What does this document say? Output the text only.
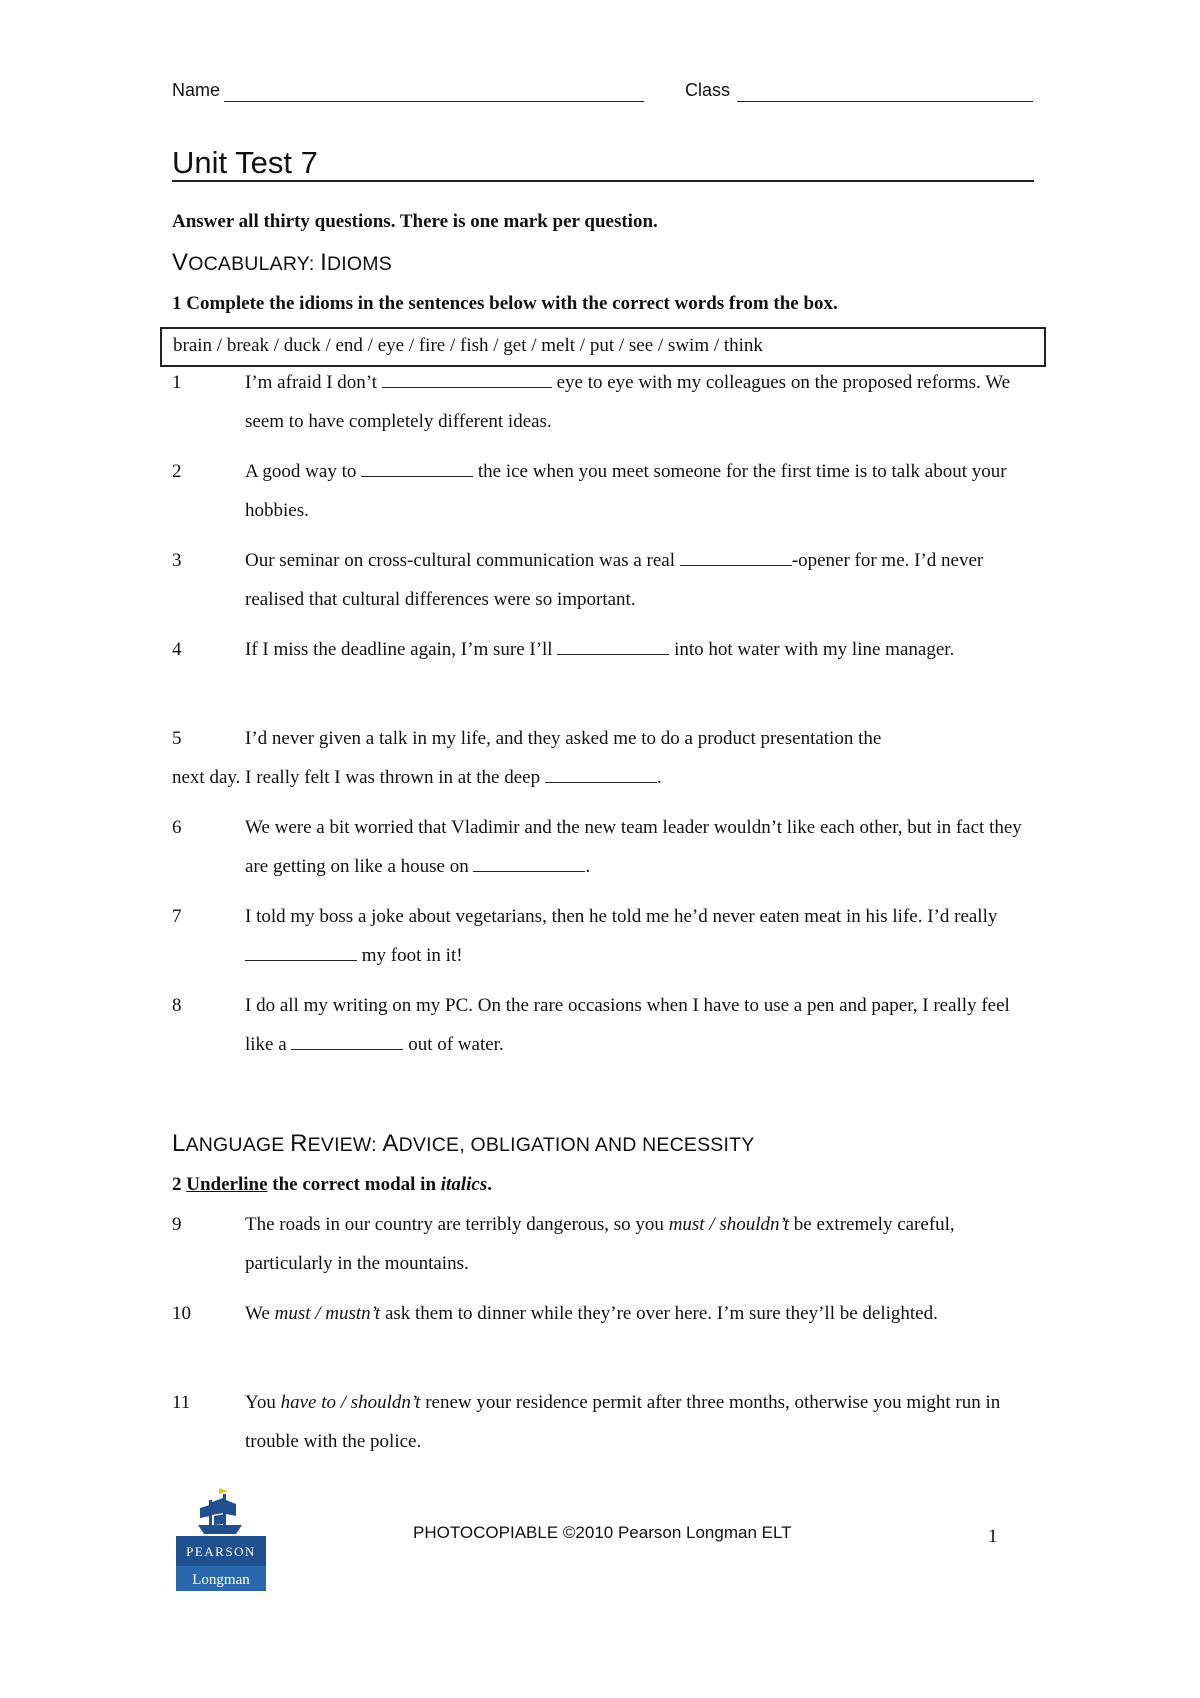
Name	Class
Unit Test 7
Answer all thirty questions. There is one mark per question.
VOCABULARY: IDIOMS
1 Complete the idioms in the sentences below with the correct words from the box.
brain / break / duck / end / eye / fire / fish / get / melt / put / see / swim / think
1	I’m afraid I don’t	eye to eye with my colleagues on the proposed reforms. We seem to have completely different ideas.
2	A good way to	the ice when you meet someone for the first time is to talk about your hobbies.
3	Our seminar on cross-cultural communication was a real	-opener for me. I’d never realised that cultural differences were so important.
4	If I miss the deadline again, I’m sure I’ll	into hot water with my line manager.
5	I’d never given a talk in my life, and they asked me to do a product presentation the
next day. I really felt I was thrown in at the deep	.
6	We were a bit worried that Vladimir and the new team leader wouldn’t like each other, but in fact they are getting on like a house on	.
7	I told my boss a joke about vegetarians, then he told me he’d never eaten meat in his life. I’d really  my foot in it!
8	I do all my writing on my PC. On the rare occasions when I have to use a pen and paper, I really feel like a	out of water.
LANGUAGE REVIEW: ADVICE, OBLIGATION AND NECESSITY
2 Underline the correct modal in italics.
9	The roads in our country are terribly dangerous, so you must / shouldn’t be extremely careful, particularly in the mountains.
10	We must / mustn’t ask them to dinner while they’re over here. I’m sure they’ll be delighted.
11	You have to / shouldn’t renew your residence permit after three months, otherwise you might run in trouble with the police.
PEARSON
Longman
PHOTOCOPIABLE ©2010 Pearson Longman ELT	1
